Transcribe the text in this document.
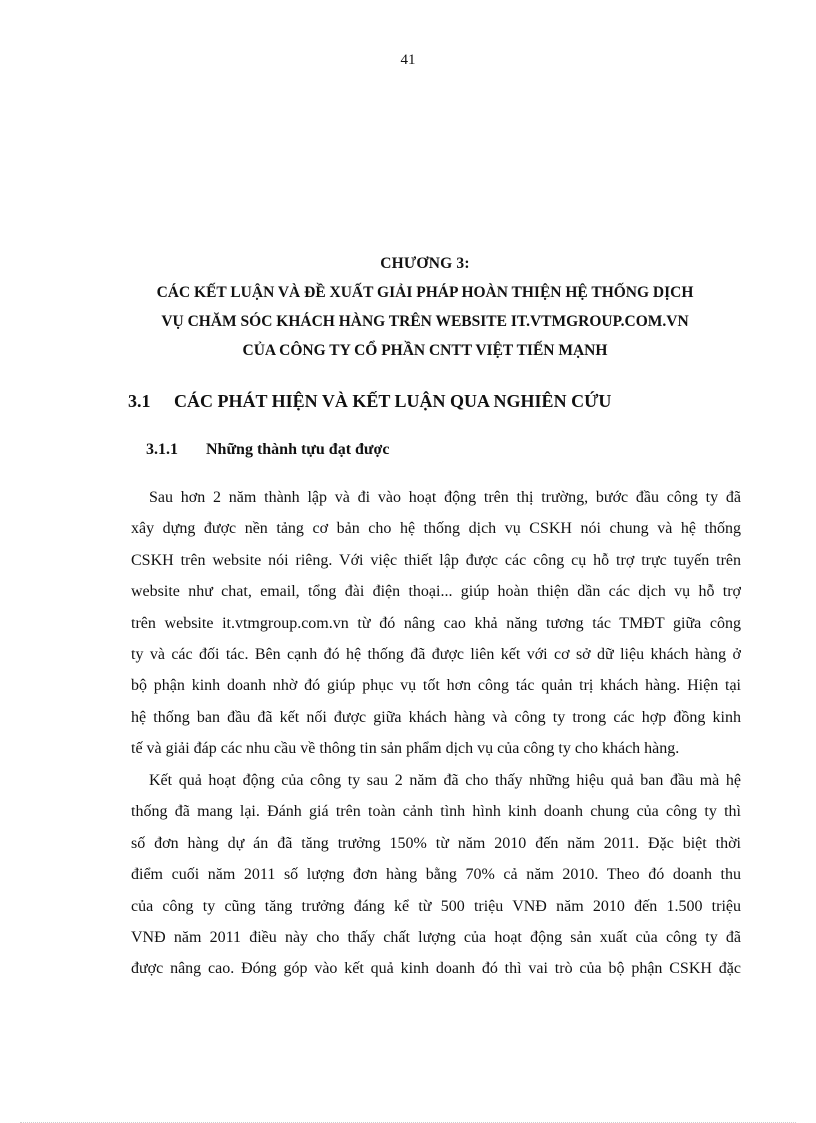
41
CHƯƠNG 3:
CÁC KẾT LUẬN VÀ ĐỀ XUẤT GIẢI PHÁP HOÀN THIỆN HỆ THỐNG DỊCH
VỤ CHĂM SÓC KHÁCH HÀNG TRÊN WEBSITE IT.VTMGROUP.COM.VN
CỦA CÔNG TY CỔ PHẦN CNTT VIỆT TIẾN MẠNH
3.1 CÁC PHÁT HIỆN VÀ KẾT LUẬN QUA NGHIÊN CỨU
3.1.1 Những thành tựu đạt được
Sau hơn 2 năm thành lập và đi vào hoạt động trên thị trường, bước đầu công ty đã
xây dựng được nền tảng cơ bản cho hệ thống dịch vụ CSKH nói chung và hệ thống
CSKH trên website nói riêng. Với việc thiết lập được các công cụ hỗ trợ trực tuyến trên
website như chat, email, tổng đài điện thoại... giúp hoàn thiện dần các dịch vụ hỗ trợ
trên website it.vtmgroup.com.vn từ đó nâng cao khả năng tương tác TMĐT giữa công
ty và các đối tác. Bên cạnh đó hệ thống đã được liên kết với cơ sở dữ liệu khách hàng ở
bộ phận kinh doanh nhờ đó giúp phục vụ tốt hơn công tác quản trị khách hàng. Hiện tại
hệ thống ban đầu đã kết nối được giữa khách hàng và công ty trong các hợp đồng kinh
tế và giải đáp các nhu cầu về thông tin sản phẩm dịch vụ của công ty cho khách hàng.
Kết quả hoạt động của công ty sau 2 năm đã cho thấy những hiệu quả ban đầu mà hệ
thống đã mang lại. Đánh giá trên toàn cảnh tình hình kinh doanh chung của công ty thì
số đơn hàng dự án đã tăng trưởng 150% từ năm 2010 đến năm 2011. Đặc biệt thời
điểm cuối năm 2011 số lượng đơn hàng bằng 70% cả năm 2010. Theo đó doanh thu
của công ty cũng tăng trưởng đáng kể từ 500 triệu VNĐ năm 2010 đến 1.500 triệu
VNĐ năm 2011 điều này cho thấy chất lượng của hoạt động sản xuất của công ty đã
được nâng cao. Đóng góp vào kết quả kinh doanh đó thì vai trò của bộ phận CSKH đặc
